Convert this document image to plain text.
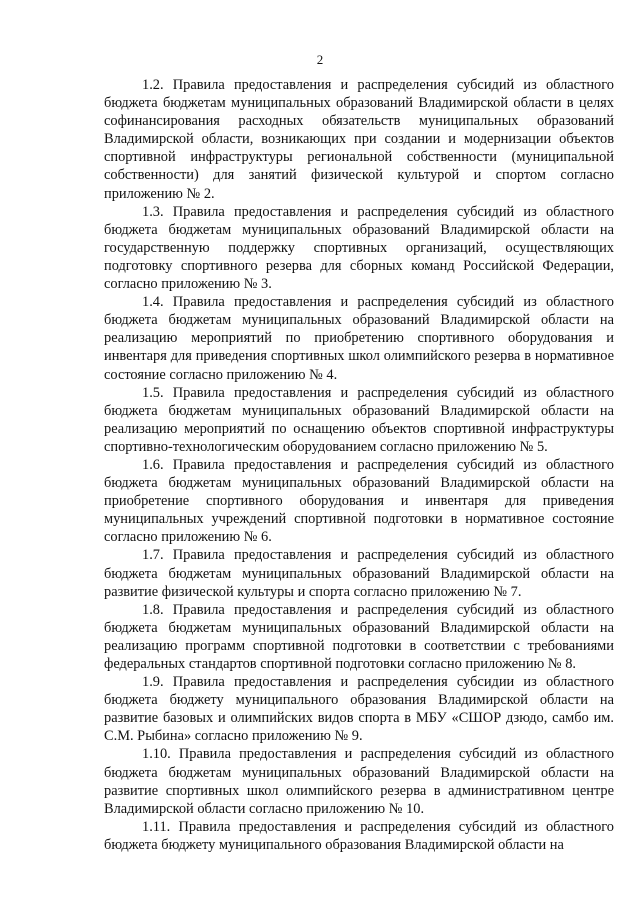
2

1.2. Правила предоставления и распределения субсидий из областного бюджета бюджетам муниципальных образований Владимирской области в целях софинансирования расходных обязательств муниципальных образований Владимирской области, возникающих при создании и модернизации объектов спортивной инфраструктуры региональной собственности (муниципальной собственности) для занятий физической культурой и спортом согласно приложению № 2.

1.3. Правила предоставления и распределения субсидий из областного бюджета бюджетам муниципальных образований Владимирской области на государственную поддержку спортивных организаций, осуществляющих подготовку спортивного резерва для сборных команд Российской Федерации, согласно приложению № 3.

1.4. Правила предоставления и распределения субсидий из областного бюджета бюджетам муниципальных образований Владимирской области на реализацию мероприятий по приобретению спортивного оборудования и инвентаря для приведения спортивных школ олимпийского резерва в нормативное состояние согласно приложению № 4.

1.5. Правила предоставления и распределения субсидий из областного бюджета бюджетам муниципальных образований Владимирской области на реализацию мероприятий по оснащению объектов спортивной инфраструктуры спортивно-технологическим оборудованием согласно приложению № 5.

1.6. Правила предоставления и распределения субсидий из областного бюджета бюджетам муниципальных образований Владимирской области на приобретение спортивного оборудования и инвентаря для приведения муниципальных учреждений спортивной подготовки в нормативное состояние согласно приложению № 6.

1.7. Правила предоставления и распределения субсидий из областного бюджета бюджетам муниципальных образований Владимирской области на развитие физической культуры и спорта согласно приложению № 7.

1.8. Правила предоставления и распределения субсидий из областного бюджета бюджетам муниципальных образований Владимирской области на реализацию программ спортивной подготовки в соответствии с требованиями федеральных стандартов спортивной подготовки согласно приложению № 8.

1.9. Правила предоставления и распределения субсидии из областного бюджета бюджету муниципального образования Владимирской области на развитие базовых и олимпийских видов спорта в МБУ «СШОР дзюдо, самбо им. С.М. Рыбина» согласно приложению № 9.

1.10. Правила предоставления и распределения субсидий из областного бюджета бюджетам муниципальных образований Владимирской области на развитие спортивных школ олимпийского резерва в административном центре Владимирской области согласно приложению № 10.

1.11. Правила предоставления и распределения субсидий из областного бюджета бюджету муниципального образования Владимирской области на
